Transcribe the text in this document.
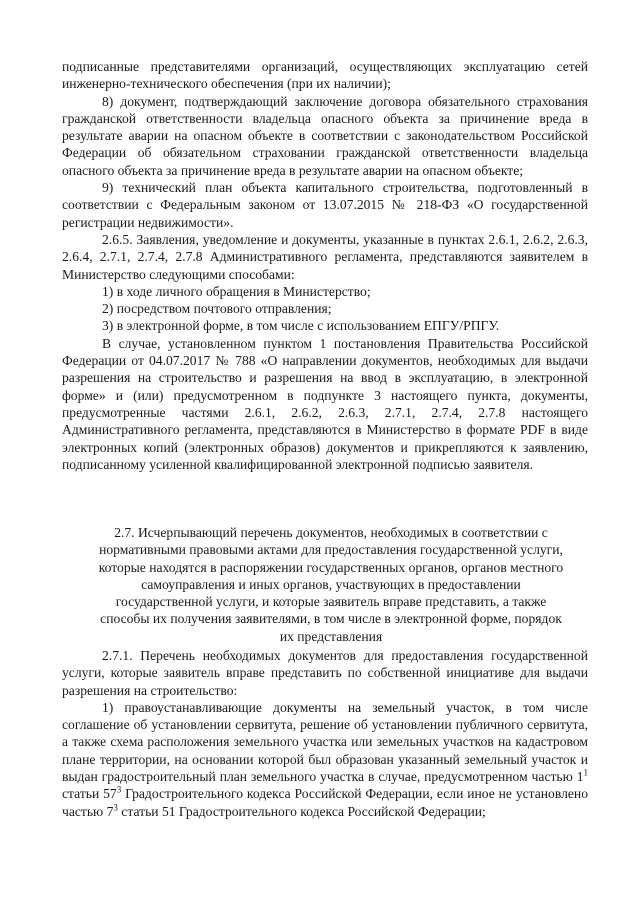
подписанные представителями организаций, осуществляющих эксплуатацию сетей инженерно-технического обеспечения (при их наличии);

8) документ, подтверждающий заключение договора обязательного страхования гражданской ответственности владельца опасного объекта за причинение вреда в результате аварии на опасном объекте в соответствии с законодательством Российской Федерации об обязательном страховании гражданской ответственности владельца опасного объекта за причинение вреда в результате аварии на опасном объекте;

9) технический план объекта капитального строительства, подготовленный в соответствии с Федеральным законом от 13.07.2015 № 218-ФЗ «О государственной регистрации недвижимости».

2.6.5. Заявления, уведомление и документы, указанные в пунктах 2.6.1, 2.6.2, 2.6.3, 2.6.4, 2.7.1, 2.7.4, 2.7.8 Административного регламента, представляются заявителем в Министерство следующими способами:

1) в ходе личного обращения в Министерство;

2) посредством почтового отправления;

3) в электронной форме, в том числе с использованием ЕПГУ/РПГУ.

В случае, установленном пунктом 1 постановления Правительства Российской Федерации от 04.07.2017 № 788 «О направлении документов, необходимых для выдачи разрешения на строительство и разрешения на ввод в эксплуатацию, в электронной форме» и (или) предусмотренном в подпункте 3 настоящего пункта, документы, предусмотренные частями 2.6.1, 2.6.2, 2.6.3, 2.7.1, 2.7.4, 2.7.8 настоящего Административного регламента, представляются в Министерство в формате PDF в виде электронных копий (электронных образов) документов и прикрепляются к заявлению, подписанному усиленной квалифицированной электронной подписью заявителя.

2.7. Исчерпывающий перечень документов, необходимых в соответствии с нормативными правовыми актами для предоставления государственной услуги, которые находятся в распоряжении государственных органов, органов местного самоуправления и иных органов, участвующих в предоставлении государственной услуги, и которые заявитель вправе представить, а также способы их получения заявителями, в том числе в электронной форме, порядок их представления

2.7.1. Перечень необходимых документов для предоставления государственной услуги, которые заявитель вправе представить по собственной инициативе для выдачи разрешения на строительство:

1) правоустанавливающие документы на земельный участок, в том числе соглашение об установлении сервитута, решение об установлении публичного сервитута, а также схема расположения земельного участка или земельных участков на кадастровом плане территории, на основании которой был образован указанный земельный участок и выдан градостроительный план земельного участка в случае, предусмотренном частью $1^1$ статьи $57^3$ Градостроительного кодекса Российской Федерации, если иное не установлено частью $7^3$ статьи 51 Градостроительного кодекса Российской Федерации;
